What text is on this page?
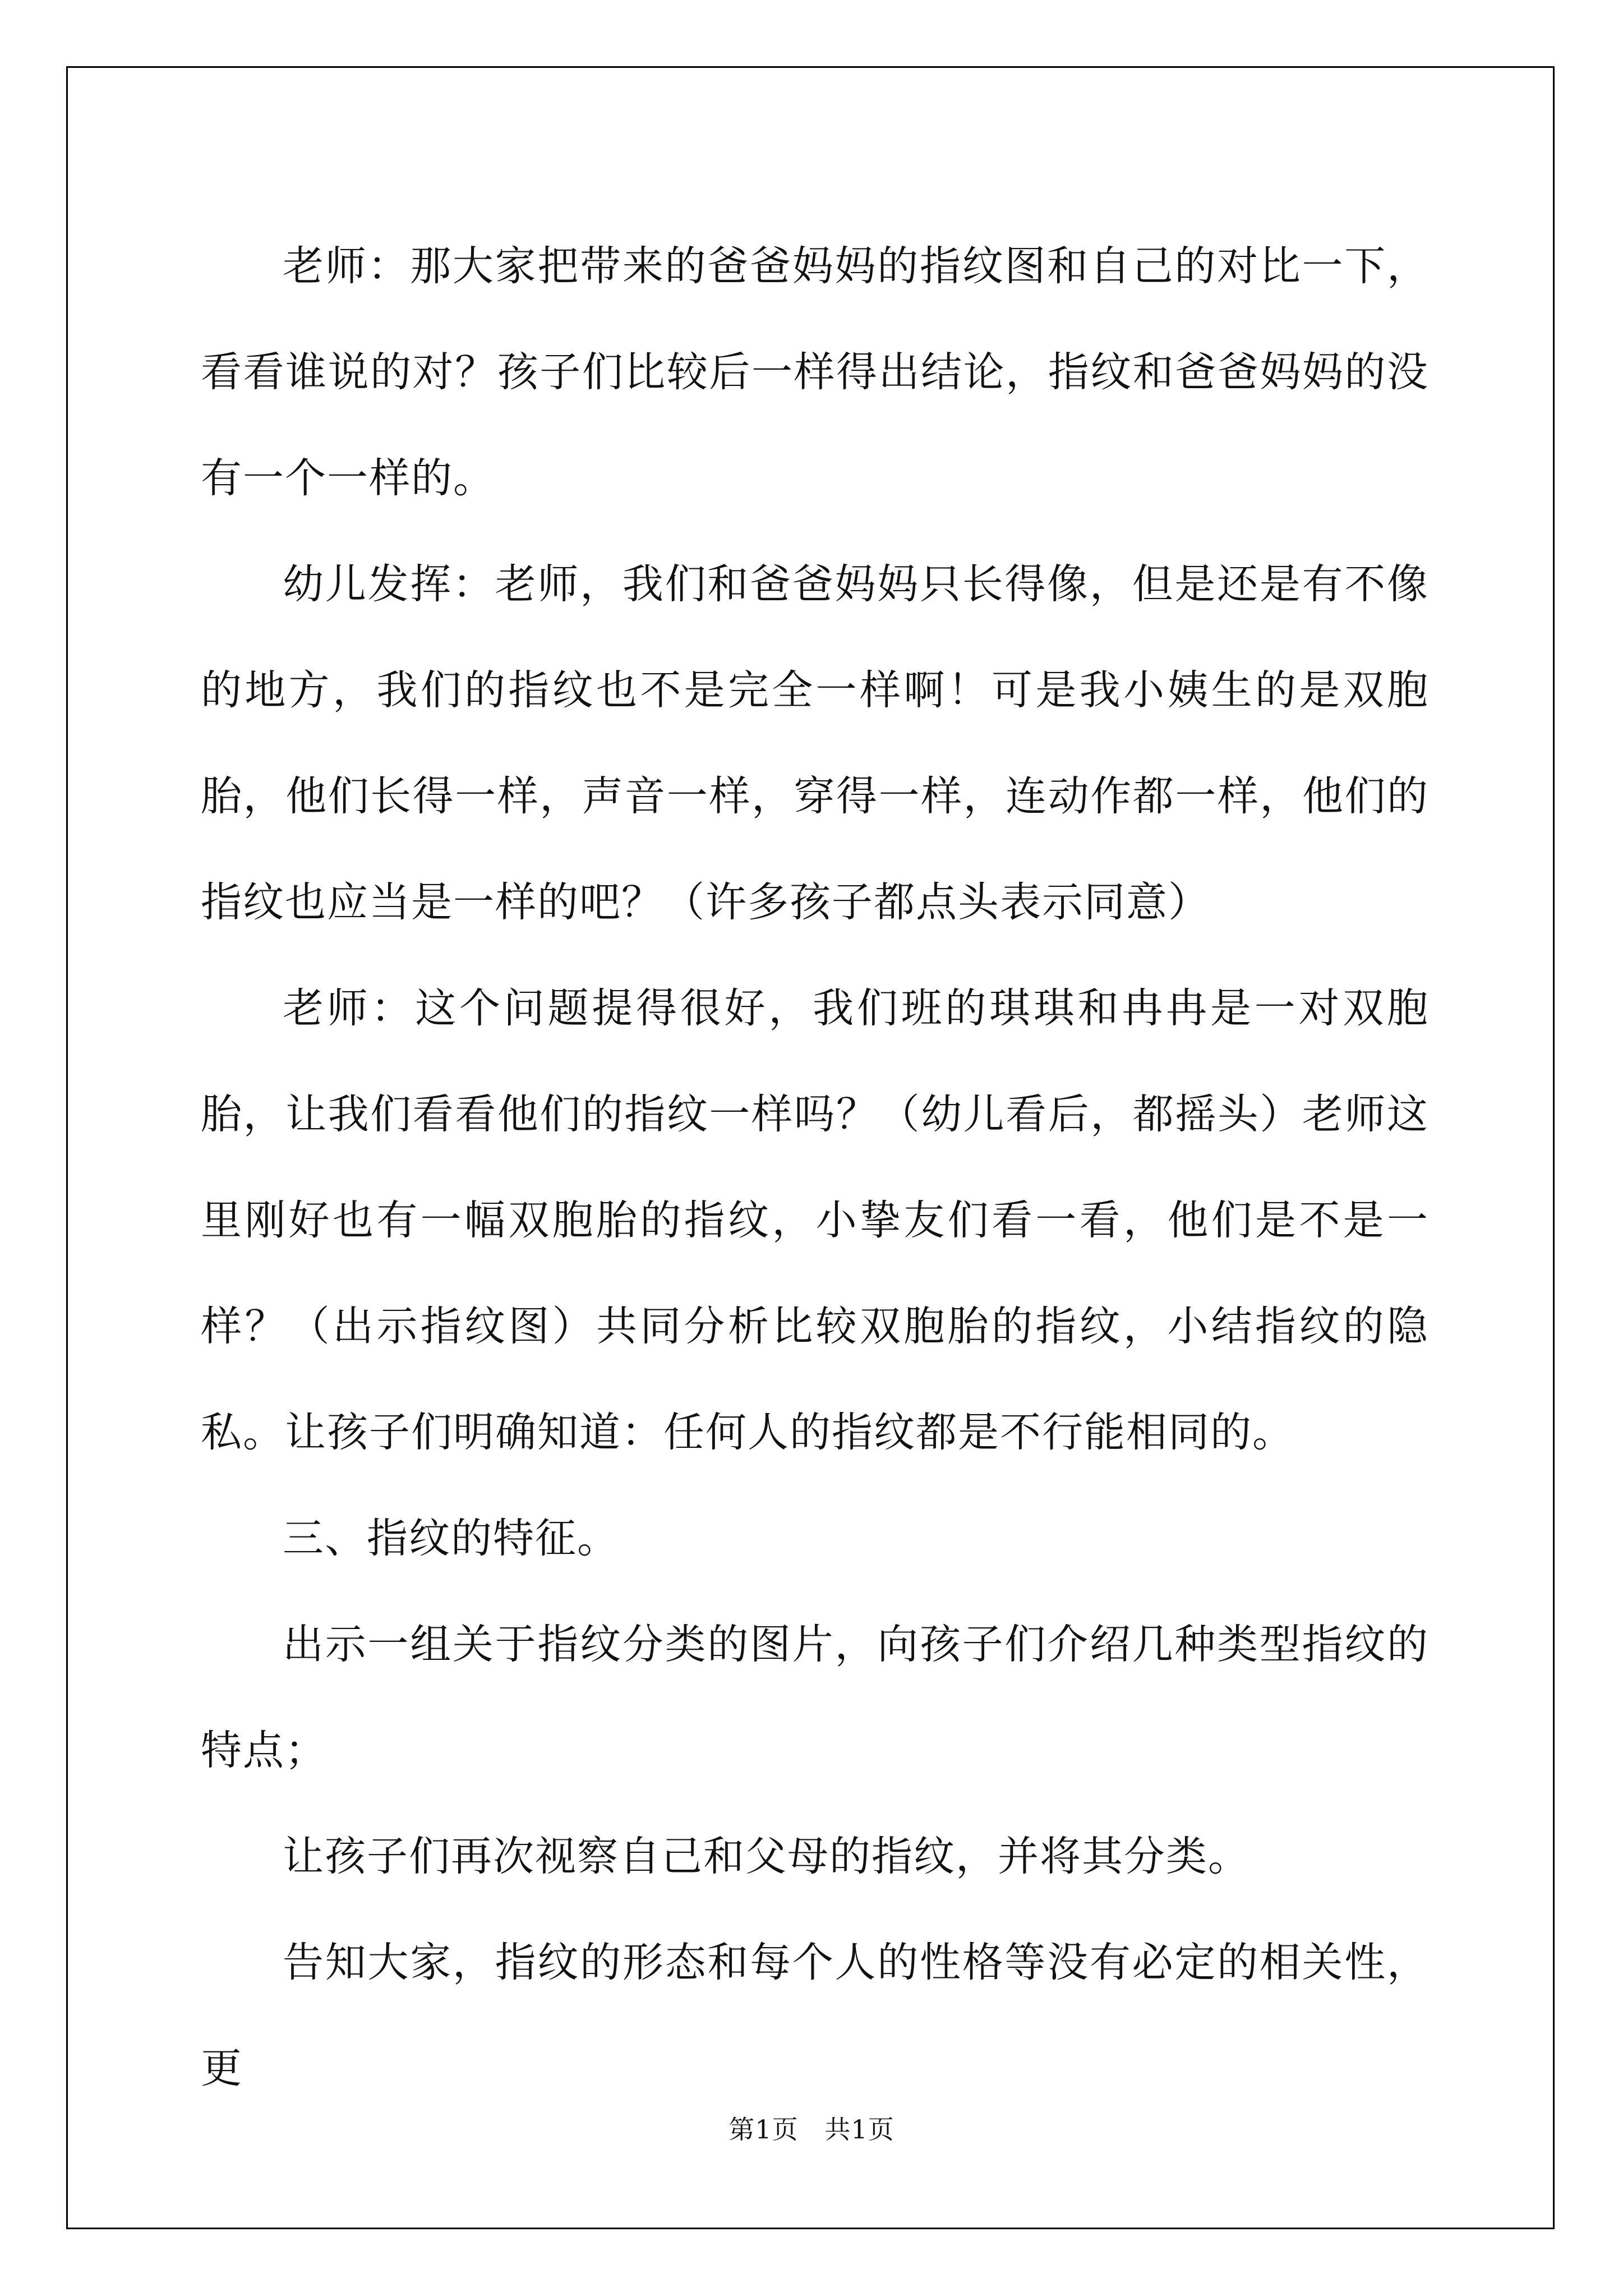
老师：那大家把带来的爸爸妈妈的指纹图和自己的对比一下，看看谁说的对？孩子们比较后一样得出结论，指纹和爸爸妈妈的没有一个一样的。

幼儿发挥：老师，我们和爸爸妈妈只长得像，但是还是有不像的地方，我们的指纹也不是完全一样啊！可是我小姨生的是双胞胎，他们长得一样，声音一样，穿得一样，连动作都一样，他们的指纹也应当是一样的吧？（许多孩子都点头表示同意）

老师：这个问题提得很好，我们班的琪琪和冉冉是一对双胞胎，让我们看看他们的指纹一样吗？（幼儿看后，都摇头）老师这里刚好也有一幅双胞胎的指纹，小挚友们看一看，他们是不是一样？（出示指纹图）共同分析比较双胞胎的指纹，小结指纹的隐私。让孩子们明确知道：任何人的指纹都是不行能相同的。

三、指纹的特征。

出示一组关于指纹分类的图片，向孩子们介绍几种类型指纹的特点；

让孩子们再次视察自己和父母的指纹，并将其分类。

告知大家，指纹的形态和每个人的性格等没有必定的相关性，更

第1页   共1页
